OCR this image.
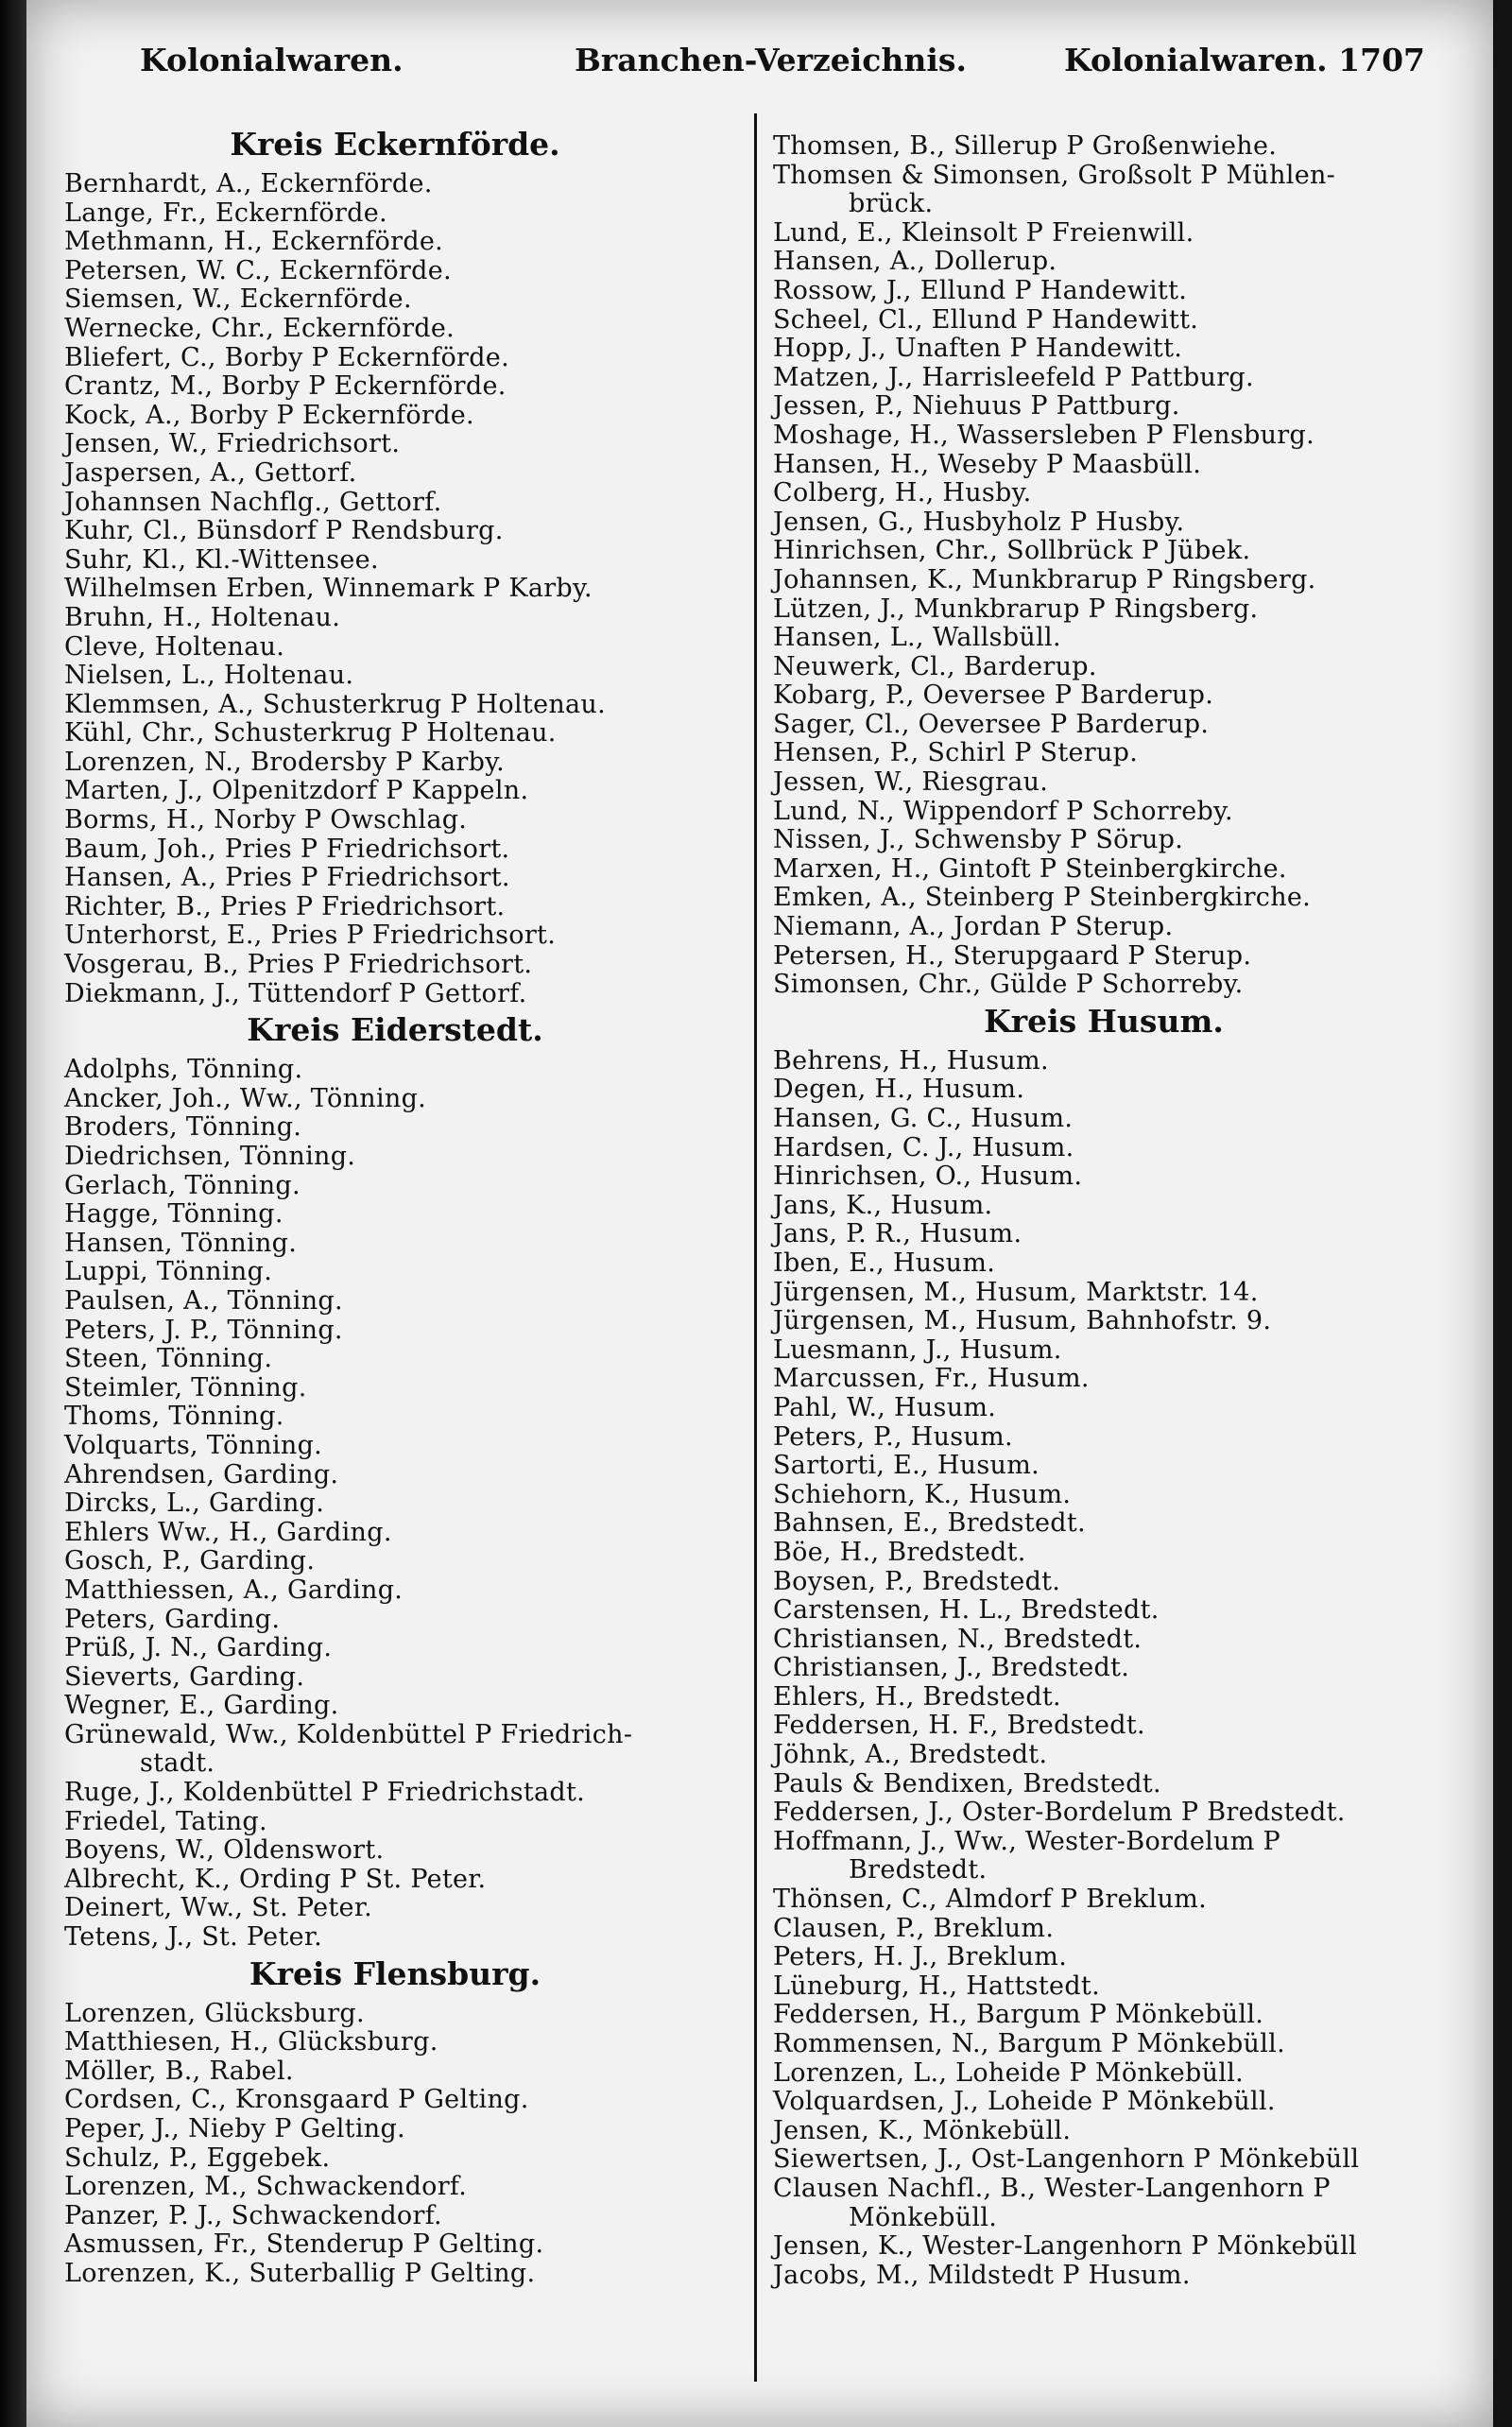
Kolonialwaren.	Branchen-Verzeichnis.	Kolonialwaren. 1707
Kreis Eckernförde.
Bernhardt, A., Eckernförde.
Lange, Fr., Eckernförde.
Methmann, H., Eckernförde.
Petersen, W. C., Eckernförde.
Siemsen, W., Eckernförde.
Wernecke, Chr., Eckernförde.
Bliefert, C., Borby P Eckernförde.
Crantz, M., Borby P Eckernförde.
Kock, A., Borby P Eckernförde.
Jensen, W., Friedrichsort.
Jaspersen, A., Gettorf.
Johannsen Nachflg., Gettorf.
Kuhr, Cl., Bünsdorf P Rendsburg.
Suhr, Kl., Kl.-Wittensee.
Wilhelmsen Erben, Winnemark P Karby.
Bruhn, H., Holtenau.
Cleve, Holtenau.
Nielsen, L., Holtenau.
Klemmsen, A., Schusterkrug P Holtenau.
Kühl, Chr., Schusterkrug P Holtenau.
Lorenzen, N., Brodersby P Karby.
Marten, J., Olpenitzdorf P Kappeln.
Borms, H., Norby P Owschlag.
Baum, Joh., Pries P Friedrichsort.
Hansen, A., Pries P Friedrichsort.
Richter, B., Pries P Friedrichsort.
Unterhorst, E., Pries P Friedrichsort.
Vosgerau, B., Pries P Friedrichsort.
Diekmann, J., Tüttendorf P Gettorf.
Kreis Eiderstedt.
Adolphs, Tönning.
Ancker, Joh., Ww., Tönning.
Broders, Tönning.
Diedrichsen, Tönning.
Gerlach, Tönning.
Hagge, Tönning.
Hansen, Tönning.
Luppi, Tönning.
Paulsen, A., Tönning.
Peters, J. P., Tönning.
Steen, Tönning.
Steimler, Tönning.
Thoms, Tönning.
Volquarts, Tönning.
Ahrendsen, Garding.
Dircks, L., Garding.
Ehlers Ww., H., Garding.
Gosch, P., Garding.
Matthiessen, A., Garding.
Peters, Garding.
Prüß, J. N., Garding.
Sieverts, Garding.
Wegner, E., Garding.
Grünewald, Ww., Koldenbüttel P Friedrich-
stadt.
Ruge, J., Koldenbüttel P Friedrichstadt.
Friedel, Tating.
Boyens, W., Oldenswort.
Albrecht, K., Ording P St. Peter.
Deinert, Ww., St. Peter.
Tetens, J., St. Peter.
Kreis Flensburg.
Lorenzen, Glücksburg.
Matthiesen, H., Glücksburg.
Möller, B., Rabel.
Cordsen, C., Kronsgaard P Gelting.
Peper, J., Nieby P Gelting.
Schulz, P., Eggebek.
Lorenzen, M., Schwackendorf.
Panzer, P. J., Schwackendorf.
Asmussen, Fr., Stenderup P Gelting.
Lorenzen, K., Suterballig P Gelting.
Thomsen, B., Sillerup P Großenwiehe.
Thomsen & Simonsen, Großsolt P Mühlen-
brück.
Lund, E., Kleinsolt P Freienwill.
Hansen, A., Dollerup.
Rossow, J., Ellund P Handewitt.
Scheel, Cl., Ellund P Handewitt.
Hopp, J., Unaften P Handewitt.
Matzen, J., Harrisleefeld P Pattburg.
Jessen, P., Niehuus P Pattburg.
Moshage, H., Wassersleben P Flensburg.
Hansen, H., Weseby P Maasbüll.
Colberg, H., Husby.
Jensen, G., Husbyholz P Husby.
Hinrichsen, Chr., Sollbrück P Jübek.
Johannsen, K., Munkbrarup P Ringsberg.
Lützen, J., Munkbrarup P Ringsberg.
Hansen, L., Wallsbüll.
Neuwerk, Cl., Barderup.
Kobarg, P., Oeversee P Barderup.
Sager, Cl., Oeversee P Barderup.
Hensen, P., Schirl P Sterup.
Jessen, W., Riesgrau.
Lund, N., Wippendorf P Schorreby.
Nissen, J., Schwensby P Sörup.
Marxen, H., Gintoft P Steinbergkirche.
Emken, A., Steinberg P Steinbergkirche.
Niemann, A., Jordan P Sterup.
Petersen, H., Sterupgaard P Sterup.
Simonsen, Chr., Gülde P Schorreby.
Kreis Husum.
Behrens, H., Husum.
Degen, H., Husum.
Hansen, G. C., Husum.
Hardsen, C. J., Husum.
Hinrichsen, O., Husum.
Jans, K., Husum.
Jans, P. R., Husum.
Iben, E., Husum.
Jürgensen, M., Husum, Marktstr. 14.
Jürgensen, M., Husum, Bahnhofstr. 9.
Luesmann, J., Husum.
Marcussen, Fr., Husum.
Pahl, W., Husum.
Peters, P., Husum.
Sartorti, E., Husum.
Schiehorn, K., Husum.
Bahnsen, E., Bredstedt.
Böe, H., Bredstedt.
Boysen, P., Bredstedt.
Carstensen, H. L., Bredstedt.
Christiansen, N., Bredstedt.
Christiansen, J., Bredstedt.
Ehlers, H., Bredstedt.
Feddersen, H. F., Bredstedt.
Jöhnk, A., Bredstedt.
Pauls & Bendixen, Bredstedt.
Feddersen, J., Oster-Bordelum P Bredstedt.
Hoffmann, J., Ww., Wester-Bordelum P
Bredstedt.
Thönsen, C., Almdorf P Breklum.
Clausen, P., Breklum.
Peters, H. J., Breklum.
Lüneburg, H., Hattstedt.
Feddersen, H., Bargum P Mönkebüll.
Rommensen, N., Bargum P Mönkebüll.
Lorenzen, L., Loheide P Mönkebüll.
Volquardsen, J., Loheide P Mönkebüll.
Jensen, K., Mönkebüll.
Siewertsen, J., Ost-Langenhorn P Mönkebüll
Clausen Nachfl., B., Wester-Langenhorn P
Mönkebüll.
Jensen, K., Wester-Langenhorn P Mönkebüll
Jacobs, M., Mildstedt P Husum.
